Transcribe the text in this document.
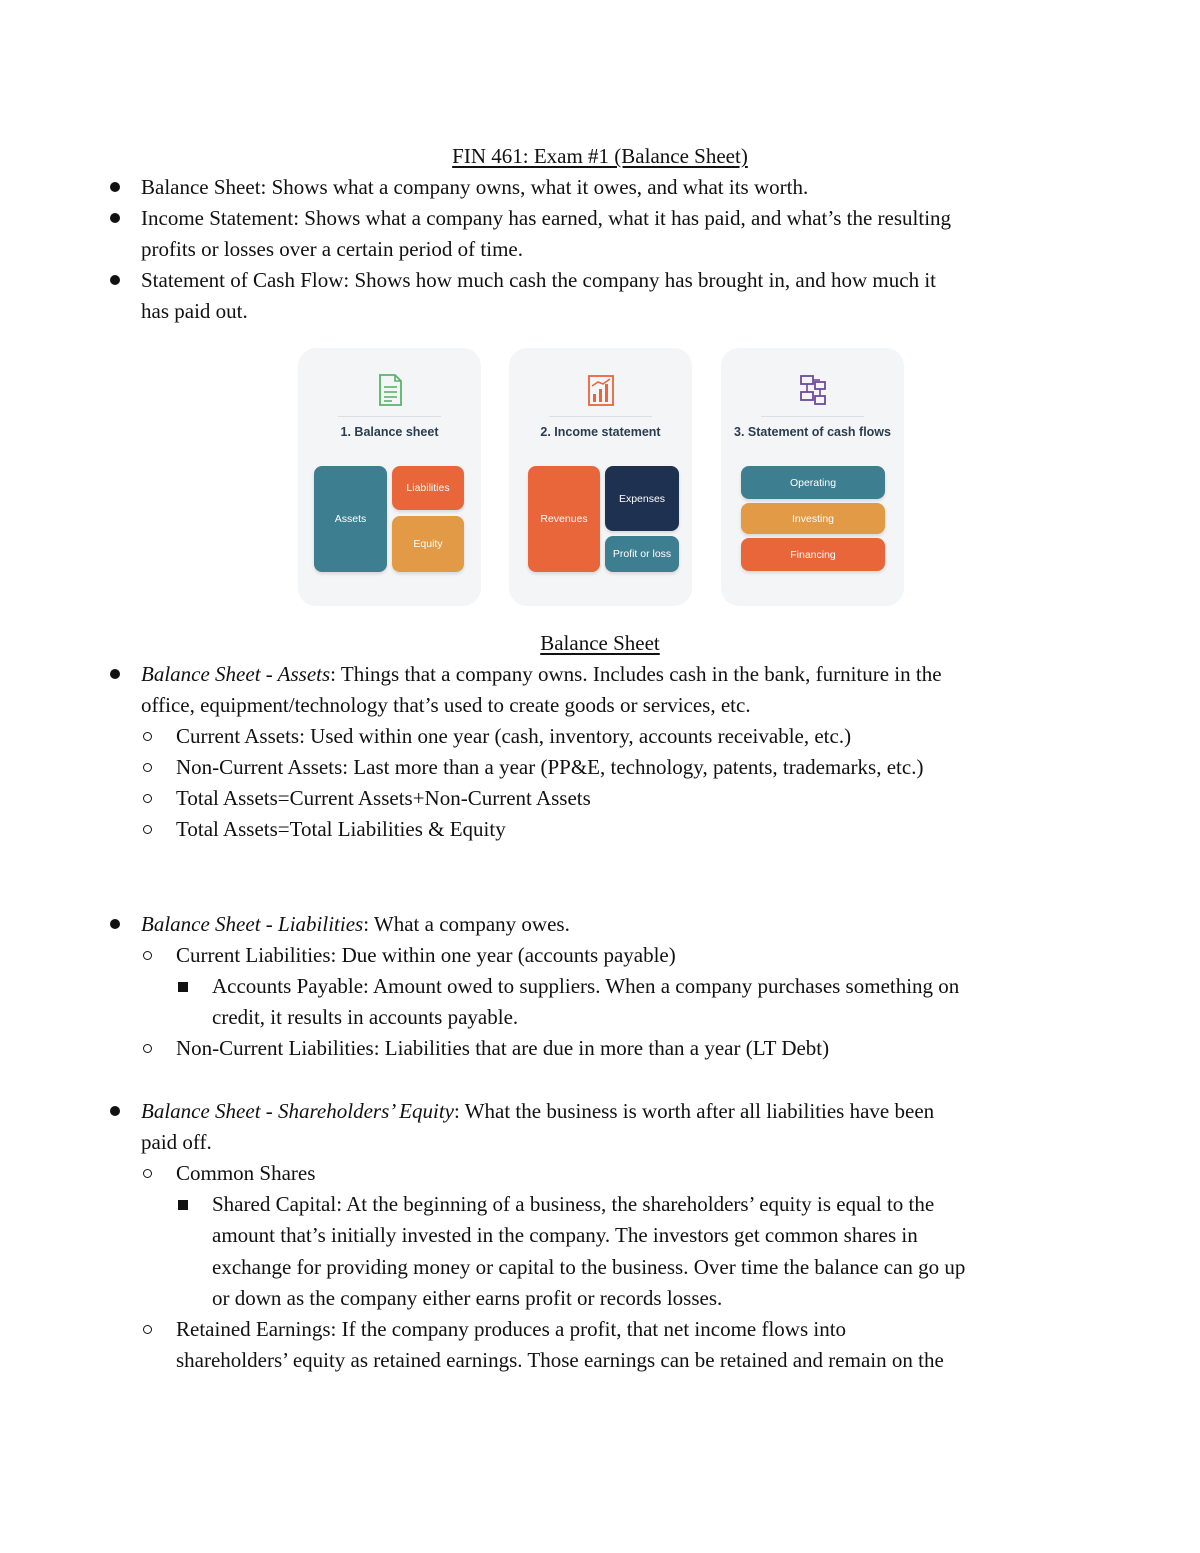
FIN 461: Exam #1 (Balance Sheet)
Balance Sheet: Shows what a company owns, what it owes, and what its worth.
Income Statement: Shows what a company has earned, what it has paid, and what’s the resulting
profits or losses over a certain period of time.
Statement of Cash Flow: Shows how much cash the company has brought in, and how much it
has paid out.
1. Balance sheet
Assets
Liabilities
Equity
2. Income statement
Revenues
Expenses
Profit or loss
3. Statement of cash flows
Operating
Investing
Financing
Balance Sheet
Balance Sheet - Assets: Things that a company owns. Includes cash in the bank, furniture in the
office, equipment/technology that’s used to create goods or services, etc.
Current Assets: Used within one year (cash, inventory, accounts receivable, etc.)
Non-Current Assets: Last more than a year (PP&E, technology, patents, trademarks, etc.)
Total Assets=Current Assets+Non-Current Assets
Total Assets=Total Liabilities & Equity
Balance Sheet - Liabilities: What a company owes.
Current Liabilities: Due within one year (accounts payable)
Accounts Payable: Amount owed to suppliers. When a company purchases something on
credit, it results in accounts payable.
Non-Current Liabilities: Liabilities that are due in more than a year (LT Debt)
Balance Sheet - Shareholders’ Equity: What the business is worth after all liabilities have been
paid off.
Common Shares
Shared Capital: At the beginning of a business, the shareholders’ equity is equal to the
amount that’s initially invested in the company. The investors get common shares in
exchange for providing money or capital to the business. Over time the balance can go up
or down as the company either earns profit or records losses.
Retained Earnings: If the company produces a profit, that net income flows into
shareholders’ equity as retained earnings. Those earnings can be retained and remain on the
